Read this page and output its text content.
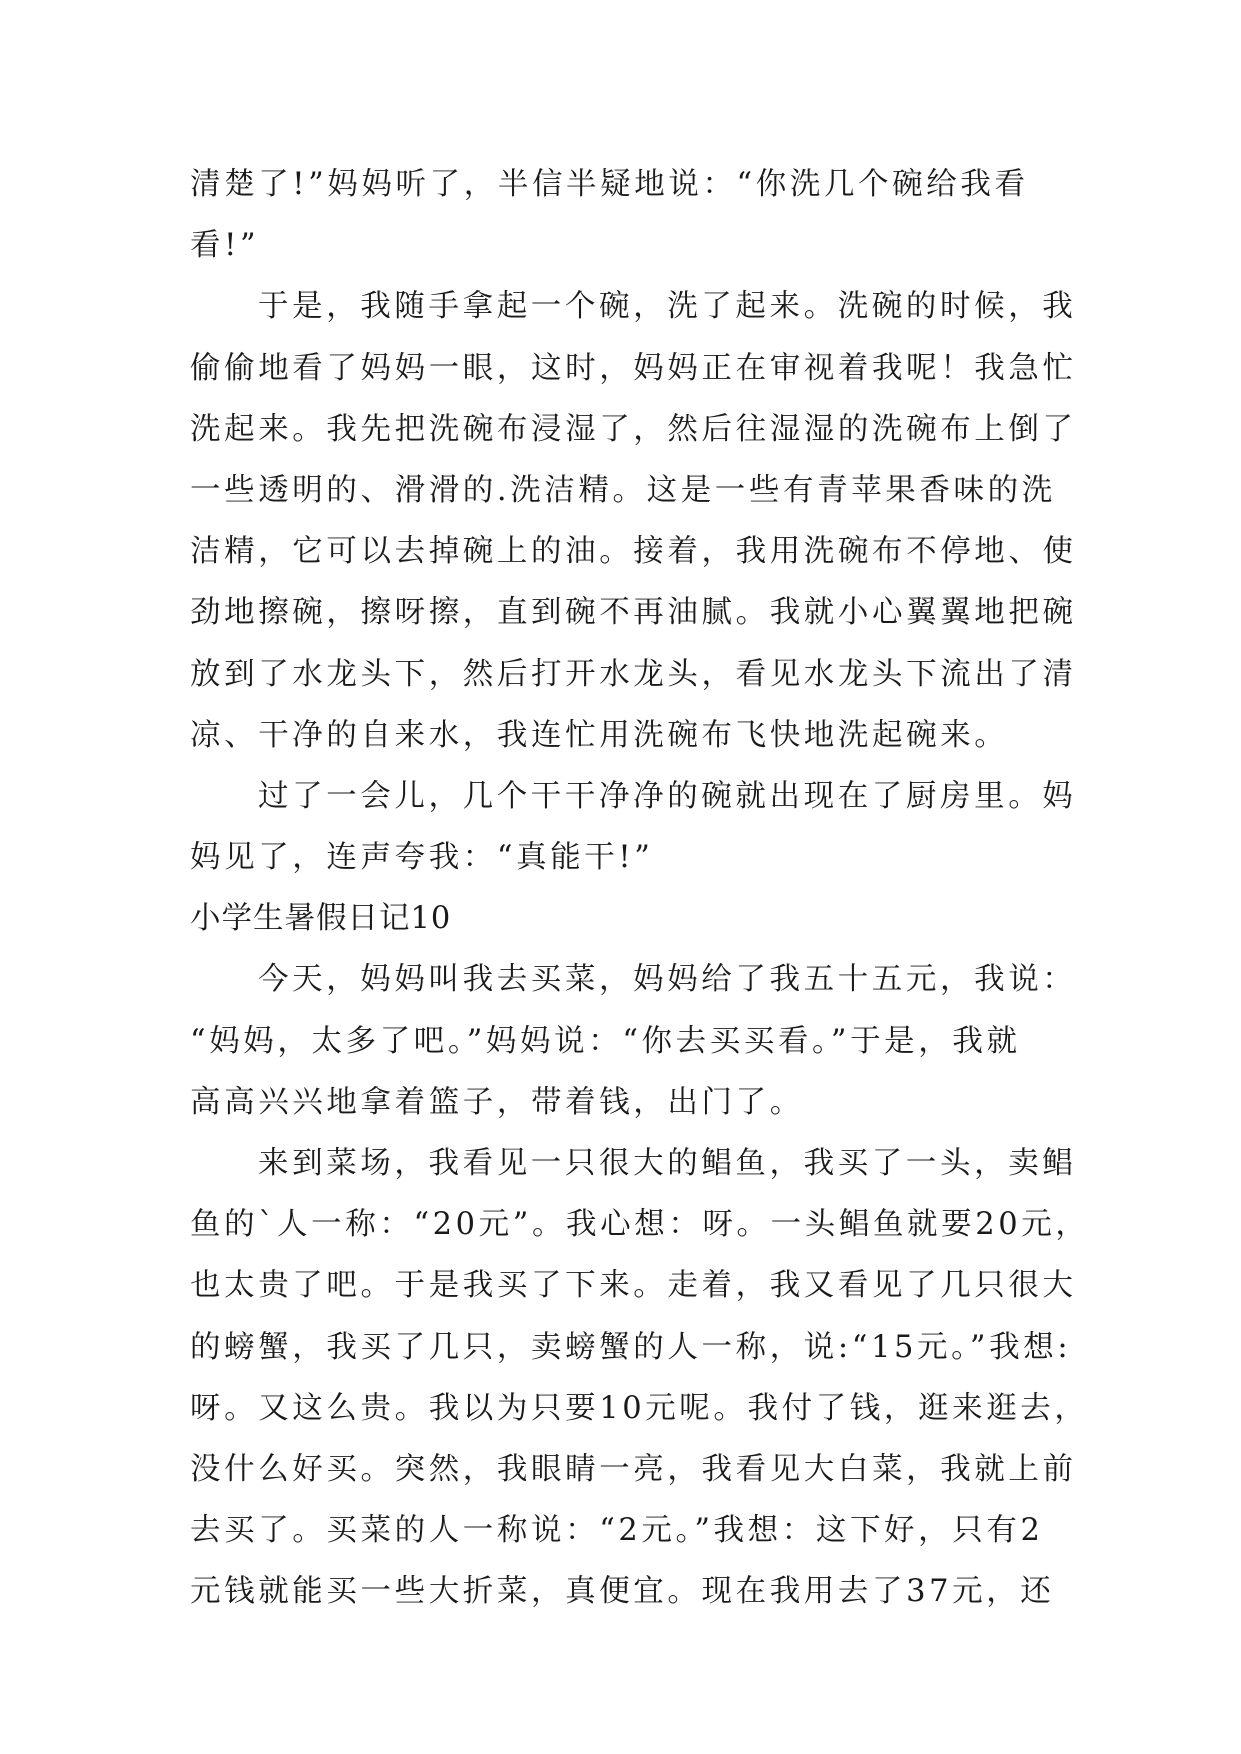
清楚了!”妈妈听了，半信半疑地说：“你洗几个碗给我看
看!”
于是，我随手拿起一个碗，洗了起来。洗碗的时候，我
偷偷地看了妈妈一眼，这时，妈妈正在审视着我呢！我急忙
洗起来。我先把洗碗布浸湿了，然后往湿湿的洗碗布上倒了
一些透明的、滑滑的.洗洁精。这是一些有青苹果香味的洗
洁精，它可以去掉碗上的油。接着，我用洗碗布不停地、使
劲地擦碗，擦呀擦，直到碗不再油腻。我就小心翼翼地把碗
放到了水龙头下，然后打开水龙头，看见水龙头下流出了清
凉、干净的自来水，我连忙用洗碗布飞快地洗起碗来。
过了一会儿，几个干干净净的碗就出现在了厨房里。妈
妈见了，连声夸我：“真能干!”
小学生暑假日记10
今天，妈妈叫我去买菜，妈妈给了我五十五元，我说：
“妈妈，太多了吧。”妈妈说：“你去买买看。”于是，我就
高高兴兴地拿着篮子，带着钱，出门了。
来到菜场，我看见一只很大的鲳鱼，我买了一头，卖鲳
鱼的`人一称：“20元”。我心想：呀。一头鲳鱼就要20元，
也太贵了吧。于是我买了下来。走着，我又看见了几只很大
的螃蟹，我买了几只，卖螃蟹的人一称，说:“15元。”我想:
呀。又这么贵。我以为只要10元呢。我付了钱，逛来逛去，
没什么好买。突然，我眼睛一亮，我看见大白菜，我就上前
去买了。买菜的人一称说：“2元。”我想：这下好，只有2
元钱就能买一些大折菜，真便宜。现在我用去了37元，还
